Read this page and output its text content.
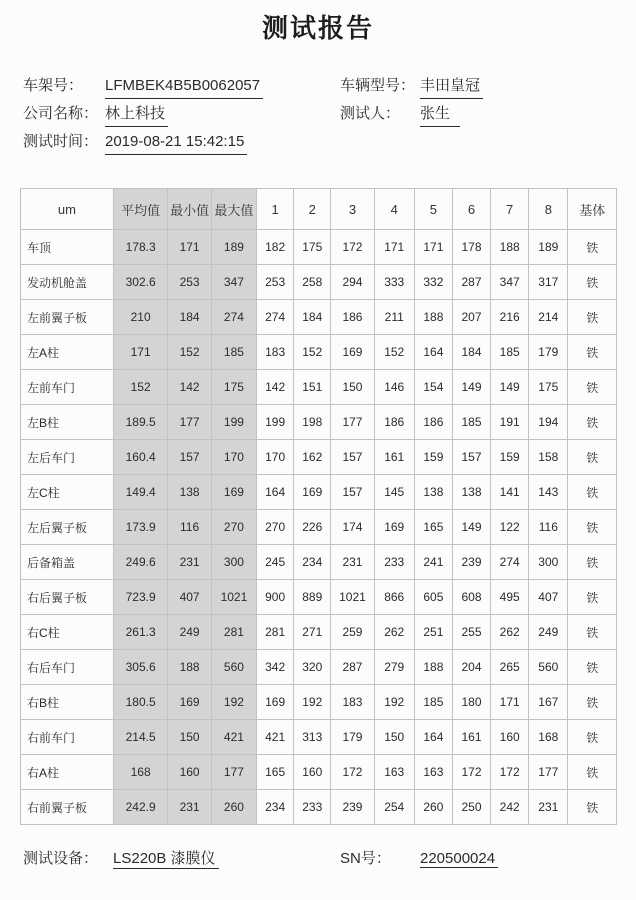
测试报告
车架号： LFMBEK4B5B0062057
公司名称： 林上科技
测试时间： 2019-08-21 15:42:15
车辆型号： 丰田皇冠
测试人： 张生
um	平均值	最小值	最大值	1	2	3	4	5	6	7	8	基体
车顶	178.3	171	189	182	175	172	171	171	178	188	189	铁
发动机舱盖	302.6	253	347	253	258	294	333	332	287	347	317	铁
左前翼子板	210	184	274	274	184	186	211	188	207	216	214	铁
左A柱	171	152	185	183	152	169	152	164	184	185	179	铁
左前车门	152	142	175	142	151	150	146	154	149	149	175	铁
左B柱	189.5	177	199	199	198	177	186	186	185	191	194	铁
左后车门	160.4	157	170	170	162	157	161	159	157	159	158	铁
左C柱	149.4	138	169	164	169	157	145	138	138	141	143	铁
左后翼子板	173.9	116	270	270	226	174	169	165	149	122	116	铁
后备箱盖	249.6	231	300	245	234	231	233	241	239	274	300	铁
右后翼子板	723.9	407	1021	900	889	1021	866	605	608	495	407	铁
右C柱	261.3	249	281	281	271	259	262	251	255	262	249	铁
右后车门	305.6	188	560	342	320	287	279	188	204	265	560	铁
右B柱	180.5	169	192	169	192	183	192	185	180	171	167	铁
右前车门	214.5	150	421	421	313	179	150	164	161	160	168	铁
右A柱	168	160	177	165	160	172	163	163	172	172	177	铁
右前翼子板	242.9	231	260	234	233	239	254	260	250	242	231	铁
测试设备： LS220B 漆膜仪	SN号： 220500024
